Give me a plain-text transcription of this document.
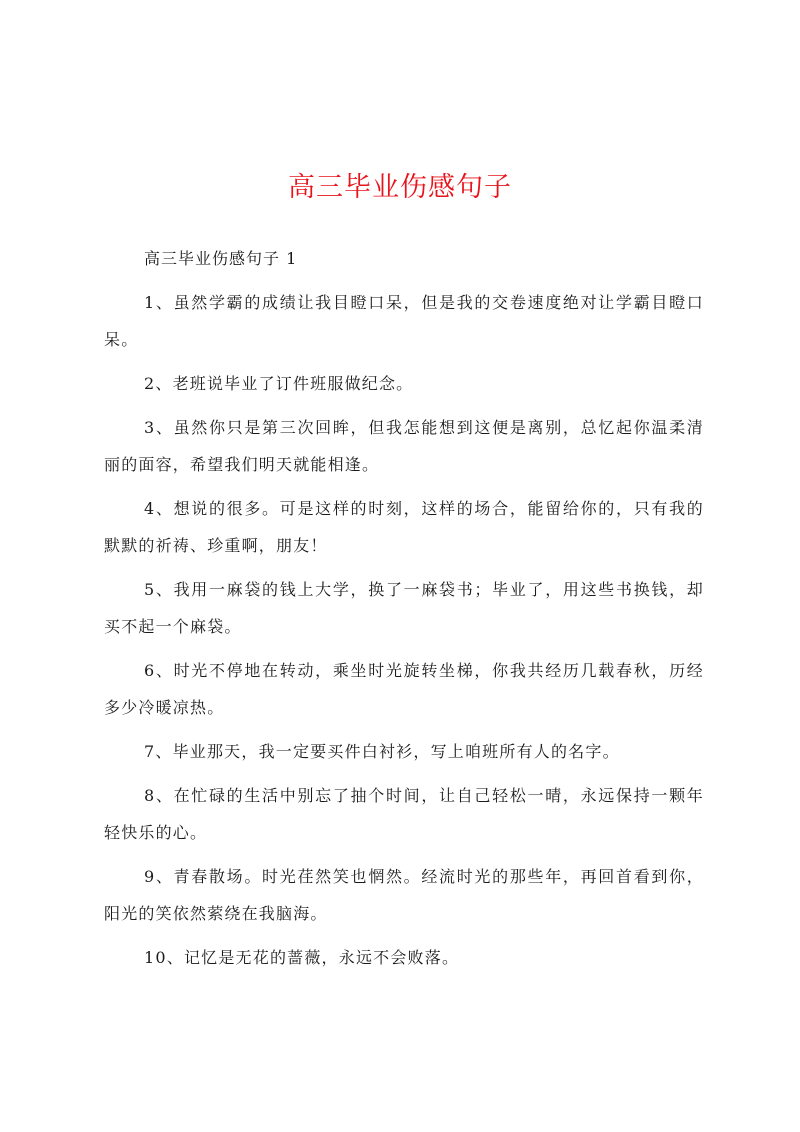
高三毕业伤感句子

高三毕业伤感句子 1

1、虽然学霸的成绩让我目瞪口呆，但是我的交卷速度绝对让学霸目瞪口呆。

2、老班说毕业了订件班服做纪念。

3、虽然你只是第三次回眸，但我怎能想到这便是离别，总忆起你温柔清丽的面容，希望我们明天就能相逢。

4、想说的很多。可是这样的时刻，这样的场合，能留给你的，只有我的默默的祈祷、珍重啊，朋友！

5、我用一麻袋的钱上大学，换了一麻袋书；毕业了，用这些书换钱，却买不起一个麻袋。

6、时光不停地在转动，乘坐时光旋转坐梯，你我共经历几载春秋，历经多少冷暖凉热。

7、毕业那天，我一定要买件白衬衫，写上咱班所有人的名字。

8、在忙碌的生活中别忘了抽个时间，让自己轻松一晴，永远保持一颗年轻快乐的心。

9、青春散场。时光荏然笑也惘然。经流时光的那些年，再回首看到你，阳光的笑依然萦绕在我脑海。

10、记忆是无花的蔷薇，永远不会败落。
